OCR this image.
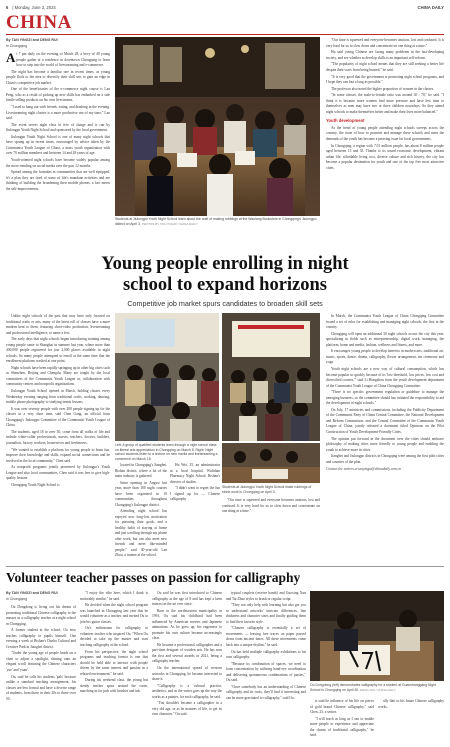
6 | Monday, June 3, 2024	CHINA DAILY
CHINA
By TAN YINGZI and DENG RUI
in Chongqing

At 7 pm daily on the evening of March 28, a bevy of 40 young people gather at a residence in downtown Chongqing to learn how to step into the world of livestreaming and e-commerce.

The night has become a familiar one in recent times, as young people flock to the area to diversify their skill sets to gain an edge in China's competitive job market.

One of the beneficiaries of the e-commerce night course is Lan Peng, who as a result of picking up new skills has embarked on a side hustle selling products on his own livestreams.

"I used to hang out with friends, eating, and drinking in the evening. Livestreaming night classes is a more productive use of my time," Lan said.

The event serves night class in free of charge and is run by Jiulongpo Youth Night School and sponsored by the local government.

Jiulongpo Youth Night School is one of many night schools that have sprung up in recent times, encouraged by advice taken by the Communist Youth League of China, a mass youth organization with over 70 million members and between 14 and 28 years of age.

Youth-oriented night schools have become widely popular among the more trending on social media over the past 12 months.

Spread among the formulas in communities that are well equipped, it's a plan they are tired of some of life's mundane activities and are thinking of building the broadening their mobile phones, a fact meets the self-improvements.

Students at Jiulongpo Youth Night School learn about the craft of making rubbings at the Wanlang Bookstore in Chongqing's Jiulongpo district on April 3. PHOTOS BY TAN YINGZI / CHINA DAILY

"Our time is squeezed and everyone becomes anxious, lost and confused. It is very hard for us to slow down and concentrate on one thing at a time."

Hu said young Chinese are facing many problems in the fast-developing society, and see whether to develop skills is an important self-reform.

"The popularity of night school means that they are still seeking a better life despite their scars from being burned," he said.

"It is very good that the government is promoting night school programs, and I hope they can last a long as possible."

The professor also noted the higher proportion of women in the classes.

"In some classes, the male-to-female ratio was around 30 : 70," he said. "I think it is because more women find more pressure and have less time to themselves as men may have two or three children nowadays. So they attend night schools to make themselves better and make their lives more balanced."

Youth development

As the trend of young people attending night schools sweeps across the country, the issue of how to promote and manage these schools and meet the demands of the youth has become a pressing issue for local governments.

In Chongqing, a region with 7.01 million people, has about 8 million people aged between 15 and 35. Thanks to its sound economic development, vibrant urban life, affordable living cost, diverse culture and rich history, the city has become a popular destination for youth and one of the top five most attractive cities.

Young people enrolling in night
school to expand horizons
Competitive job market spurs candidates to broaden skill sets

Unlike night schools of the past that may have only focused on traditional crafts or arts, many of the latest roll of classes have a more modern bent to them, featuring short-video production, livestreaming and professional intelligence, to name a few.

The early days that night schools began introducing training among young people came to Shanghai in summer last year, where more than 400,000 people registered for just 2,000 places available in night schools. So many people attempted to enroll at the same time that the enrollment platform crashed at one point.

Night schools have been rapidly springing up in other big cities such as Shenzhen, Beijing and Chengdu. Many are taught by the local committees of the Communist Youth League or, collaboration with community centers and nonprofit organizations.

Jiulongpo Youth School opened in March, holding classes every Wednesday evening ranging from traditional crafts, cooking, dancing, mobile phone photography to studying tennis lessons.

It was over seventy people with over 200 people signing up for the classes in a very short time, said Chen Gang, an official from Chongqing's Jiulongpo Committee of the Communist Youth League of China.

The students, aged 18 to over 30, come from all walks of life and include white-collar professionals, nurses, teachers, doctors, builders, journalists, factory workers, housewives and freelancers.

"We wanted to establish a platform for young people to learn fun, improve their knowledge and skills, expand social connections and be involved in the local community," Chen said.

As nonprofit programs jointly pioneered by Jiulongpo's Youth League and also local communities, Chen said it was free to give high-quality lessons.

Chongqing Youth Night School is

Left: A group of qualified students learn through a night school class on liberal arts appreciation in Chongqing on March 8. Right: Night school students listen to a lecture on new media and livestreaming e-commerce on March 18.

located in Chongqing's Jiangbei, Bishan district, where a lot of the main industry is gathered.

Since opening in August last year, more than 100 night courses have been organized in 10 communities throughout Chongqing's Jiulongpo district.

Attending night school has enjoyed new long-lost motivation for pursuing their goals, and a healthy habit of staying at home and just scrolling through my phone after work, but can also meet new friends and meet like-minded people," said 30-year-old Lan Zhou, a trainee at the school.

Hu Wei, 35, an administrator at a local hospital, Wulidian Pharmacy Night School, Bishan's director of studies.

"I didn't want to regret the fun I signed up for — Chinese calligraphy

Students at Jiulongpo Youth Night School make rubbings of stone-work in Chongqing on April 3.

"Our time is squeezed and everyone becomes anxious, lost and confused. It is very hard for us to slow down and concentrate on one thing at a time."

In March, the Communist Youth League of China Chongqing Committee issued a set of rules for establishing and managing night schools, the first in the country.

Chongqing will open an additional 30 night schools across the city this year, specializing in fields such as entrepreneurship, digital work, managing, the platform, home and media, fashion, wellness and fitness, and more.

It encourages young people to develop interests in modern arts, traditional art, music, sports, dance, drama, calligraphy, flower arrangement, tea ceremony and yoga.

Youth night schools are a new way of cultural consumption, which has become popular so quickly because of its 'low threshold, low prices, low cost and diversified courses,'" said Li Hongzhou from the youth development department of the Communist Youth League of China Chongqing Committee.

"There is no specific government regulation or guideline to manage the emerging business, so the committee should has initiated the responsibility to aid the development of night schools."

On July, 17 ministries and commissions, including the Publicity Department of the Communist Party of China Central Committee, the National Development and Reform Commission, and the Central Committee of the Communist Youth League of China, jointly released a document titled Opinions on the Pilot Construction of Youth Development-Friendly Cities.

The opinion put forward in the document over the cities should embrace philosophy of making cities more friendly to young people and enabling the youth to achieve more in cities.

Jiangbei and Jiulongpo districts in Chongqing were among the first pilot cities and counties of the plan.

Contact the writers at tanyingzi@chinadaily.com.cn
Volunteer teacher passes on passion for calligraphy
By TAN YINGZI and DENG RUI
in Chongqing

Ou Dongdong is living out his dream of promoting traditional Chinese calligraphy to the masses as a calligraphy teacher at a night school in Chongqing.

A former student at the school, Ou now teaches calligraphy to pupils himself. One evening a week at Bishan's Dazhu Cultural and Creative Park in Jiangbei district.

"Under the young age of people heads on a chart to adjust a spotlight, shining onto an elegant scroll featuring the Chinese characters 'yue' and 'yuan'.

Ou, said he calls his students 'pals' because unlike a standard teaching arrangement, his classes are less formal and have a diverse range of students, from those in their 20s to those over 50.

"I enjoy the vibe here, which I think is noticeably similar," he said.

He decided when the night school program was launched in Chongqing last year that he would volunteer as a teacher, and invited Ou to join his guitar classes.

Ou's enthusiasm for calligraphy to volunteer teacher who inspired Ou, "When Ou decided to take up the master and start teaching calligraphy at the school.

From his perspective, the night school programs and teaching format is one that should be held able to interact with people driven by the same interest and passion in a relaxed environment," he said.

During his weekend class, the young but steady teacher spins around the room, marching in for pals with brushes and ink.

Ou said he was first introduced to Chinese calligraphy at the age of 8 and has kept a keen interest in the art ever since.

Born in the northwestern municipality in 1991, Ou said his childhood had been influenced by American movies and Japanese animations. As he grew up, his eagerness to promote his own culture became increasingly clear.

He became a professional calligrapher and a part-time designer of wooden arts. He has won the first and several awards in 2021, being a calligraphy teacher.

On the international spread of western artworks in Chongqing, he became interested to share it.

"Calligraphy is a cultural practice, aesthetics, and as the writer goes up the way the works as a painter, for each calligraphy, he said.

"You shouldn't become a calligrapher in a very old age, or as he matures of life, to get its own character," Ou said.

typical couplets (receive hands) and Guoxing Xun and Tai Zhuo styles to brush or regular script.

"They not only help with learning but also get you to understand artworks' intricate differences, line thickness and character sizes and finally guiding them to find their favorite style.

"Chinese calligraphy is essentially a set of movements — leaving free traces on paper passed down from ancient times. All these movements come back into a unique rhythm," he said.

Ou has held multiple calligraphy exhibitions to his own calligraphy.

"Because its combination of spaces, we need to form concentration by utilizing hand-eye coordination and delivering spontaneous combinations of parties," Ou said.

"Once somebody has an understanding of Chinese calligraphy and its roots, they'll find it interesting and can be more gravitated to calligraphy," said Ou.

Ou Dongdong (left) demonstrates calligraphy for a student at Guanshanggang Night School in Chongqing on April 30. DENG RUI / CHINA DAILY

is said he influence of his life on pieces of gold brand Chinese calligraphy," said Chen, 23, a senior.

"I will teach as long as I can to enable more people to experience and appreciate the charm of traditional calligraphy," he said.

ally flair to his future Chinese calligraphy works.
